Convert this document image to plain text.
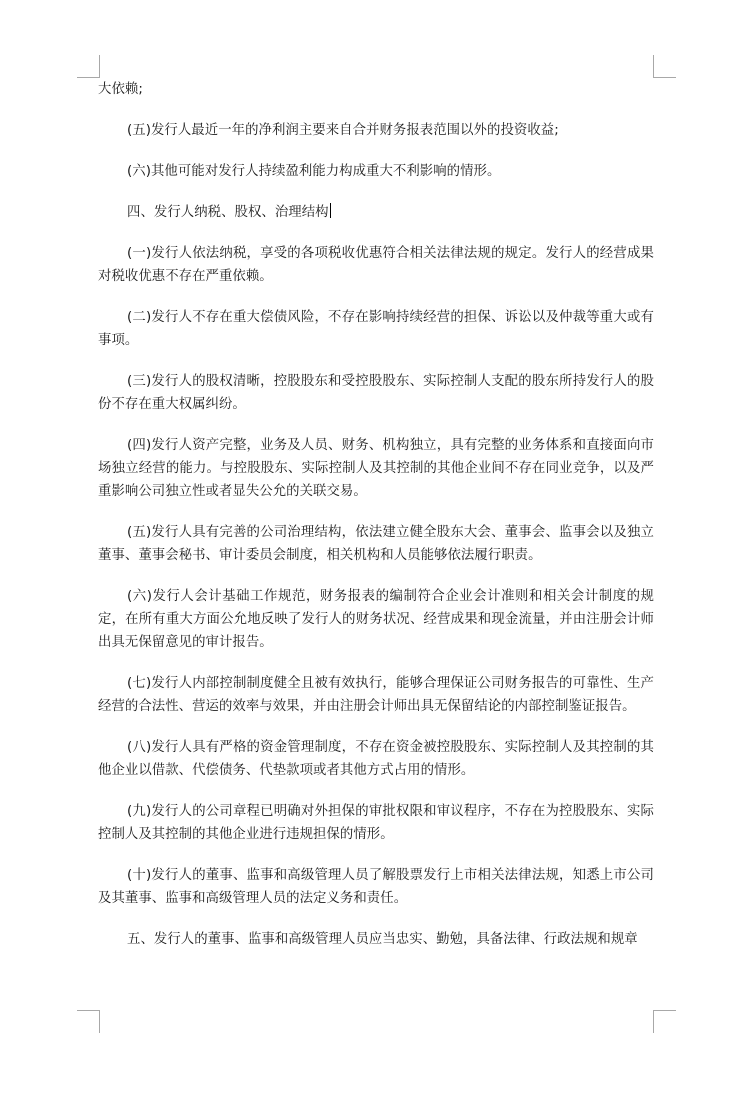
大依赖;

(五)发行人最近一年的净利润主要来自合并财务报表范围以外的投资收益;

(六)其他可能对发行人持续盈利能力构成重大不利影响的情形。

四、发行人纳税、股权、治理结构

(一)发行人依法纳税，享受的各项税收优惠符合相关法律法规的规定。发行人的经营成果对税收优惠不存在严重依赖。

(二)发行人不存在重大偿债风险，不存在影响持续经营的担保、诉讼以及仲裁等重大或有事项。

(三)发行人的股权清晰，控股股东和受控股股东、实际控制人支配的股东所持发行人的股份不存在重大权属纠纷。

(四)发行人资产完整，业务及人员、财务、机构独立，具有完整的业务体系和直接面向市场独立经营的能力。与控股股东、实际控制人及其控制的其他企业间不存在同业竞争，以及严重影响公司独立性或者显失公允的关联交易。

(五)发行人具有完善的公司治理结构，依法建立健全股东大会、董事会、监事会以及独立董事、董事会秘书、审计委员会制度，相关机构和人员能够依法履行职责。

(六)发行人会计基础工作规范，财务报表的编制符合企业会计准则和相关会计制度的规定，在所有重大方面公允地反映了发行人的财务状况、经营成果和现金流量，并由注册会计师出具无保留意见的审计报告。

(七)发行人内部控制制度健全且被有效执行，能够合理保证公司财务报告的可靠性、生产经营的合法性、营运的效率与效果，并由注册会计师出具无保留结论的内部控制鉴证报告。

(八)发行人具有严格的资金管理制度，不存在资金被控股股东、实际控制人及其控制的其他企业以借款、代偿债务、代垫款项或者其他方式占用的情形。

(九)发行人的公司章程已明确对外担保的审批权限和审议程序，不存在为控股股东、实际控制人及其控制的其他企业进行违规担保的情形。

(十)发行人的董事、监事和高级管理人员了解股票发行上市相关法律法规，知悉上市公司及其董事、监事和高级管理人员的法定义务和责任。

五、发行人的董事、监事和高级管理人员应当忠实、勤勉，具备法律、行政法规和规章
